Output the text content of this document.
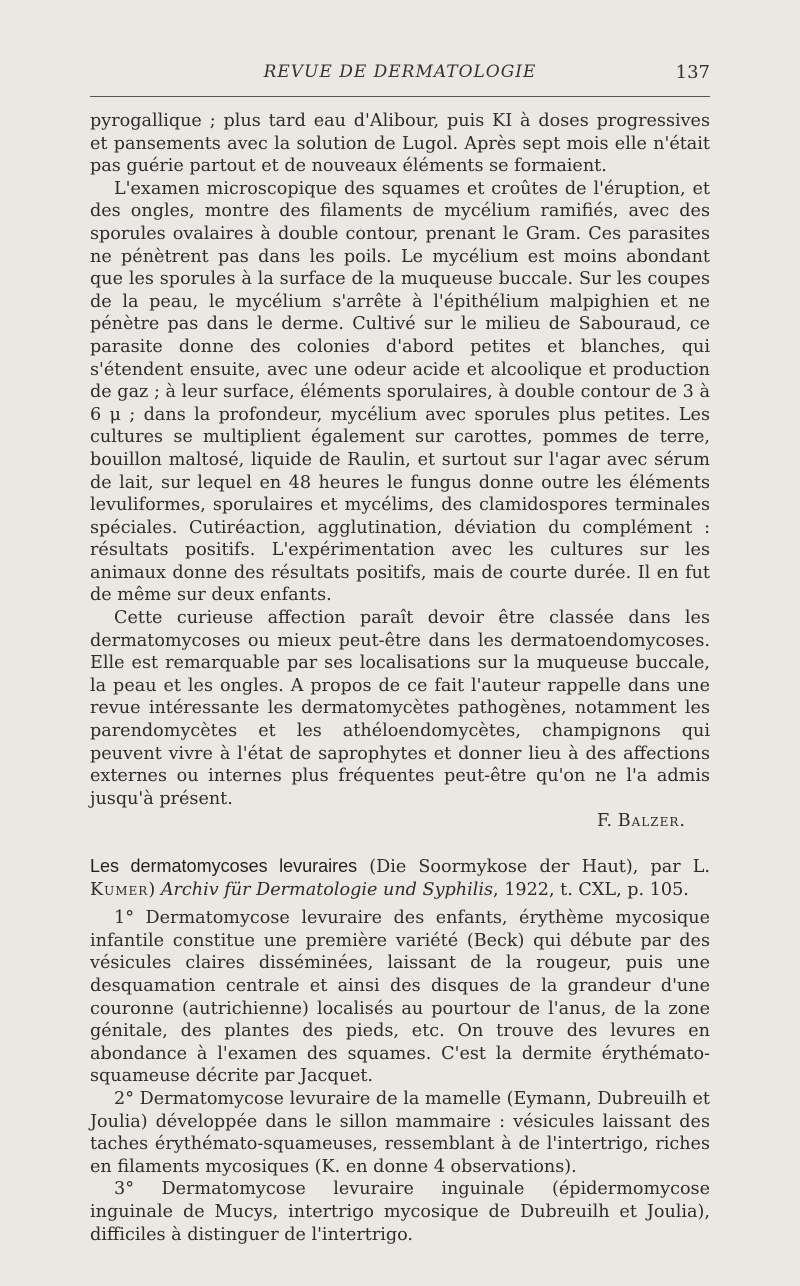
REVUE DE DERMATOLOGIE	137

pyrogallique ; plus tard eau d'Alibour, puis KI à doses progressives et pansements avec la solution de Lugol. Après sept mois elle n'était pas guérie partout et de nouveaux éléments se formaient.

L'examen microscopique des squames et croûtes de l'éruption, et des ongles, montre des filaments de mycélium ramifiés, avec des sporules ovalaires à double contour, prenant le Gram. Ces parasites ne pénètrent pas dans les poils. Le mycélium est moins abondant que les sporules à la surface de la muqueuse buccale. Sur les coupes de la peau, le mycélium s'arrête à l'épithélium malpighien et ne pénètre pas dans le derme. Cultivé sur le milieu de Sabouraud, ce parasite donne des colonies d'abord petites et blanches, qui s'étendent ensuite, avec une odeur acide et alcoolique et production de gaz ; à leur surface, éléments sporulaires, à double contour de 3 à 6 μ ; dans la profondeur, mycélium avec sporules plus petites. Les cultures se multiplient également sur carottes, pommes de terre, bouillon maltosé, liquide de Raulin, et surtout sur l'agar avec sérum de lait, sur lequel en 48 heures le fungus donne outre les éléments levuliformes, sporulaires et mycélims, des clamidospores terminales spéciales. Cutiréaction, agglutination, déviation du complément : résultats positifs. L'expérimentation avec les cultures sur les animaux donne des résultats positifs, mais de courte durée. Il en fut de même sur deux enfants.

Cette curieuse affection paraît devoir être classée dans les dermatomycoses ou mieux peut-être dans les dermatoendomycoses. Elle est remarquable par ses localisations sur la muqueuse buccale, la peau et les ongles. A propos de ce fait l'auteur rappelle dans une revue intéressante les dermatomycètes pathogènes, notamment les parendomycètes et les athéloendomycètes, champignons qui peuvent vivre à l'état de saprophytes et donner lieu à des affections externes ou internes plus fréquentes peut-être qu'on ne l'a admis jusqu'à présent.

F. Balzer.

Les dermatomycoses levuraires (Die Soormykose der Haut), par L. Kumer) Archiv für Dermatologie und Syphilis, 1922, t. CXL, p. 105.

1° Dermatomycose levuraire des enfants, érythème mycosique infantile constitue une première variété (Beck) qui débute par des vésicules claires disséminées, laissant de la rougeur, puis une desquamation centrale et ainsi des disques de la grandeur d'une couronne (autrichienne) localisés au pourtour de l'anus, de la zone génitale, des plantes des pieds, etc. On trouve des levures en abondance à l'examen des squames. C'est la dermite érythémato-squameuse décrite par Jacquet.

2° Dermatomycose levuraire de la mamelle (Eymann, Dubreuilh et Joulia) développée dans le sillon mammaire : vésicules laissant des taches érythémato-squameuses, ressemblant à de l'intertrigo, riches en filaments mycosiques (K. en donne 4 observations).

3° Dermatomycose levuraire inguinale (épidermomycose inguinale de Mucys, intertrigo mycosique de Dubreuilh et Joulia), difficiles à distinguer de l'intertrigo.
